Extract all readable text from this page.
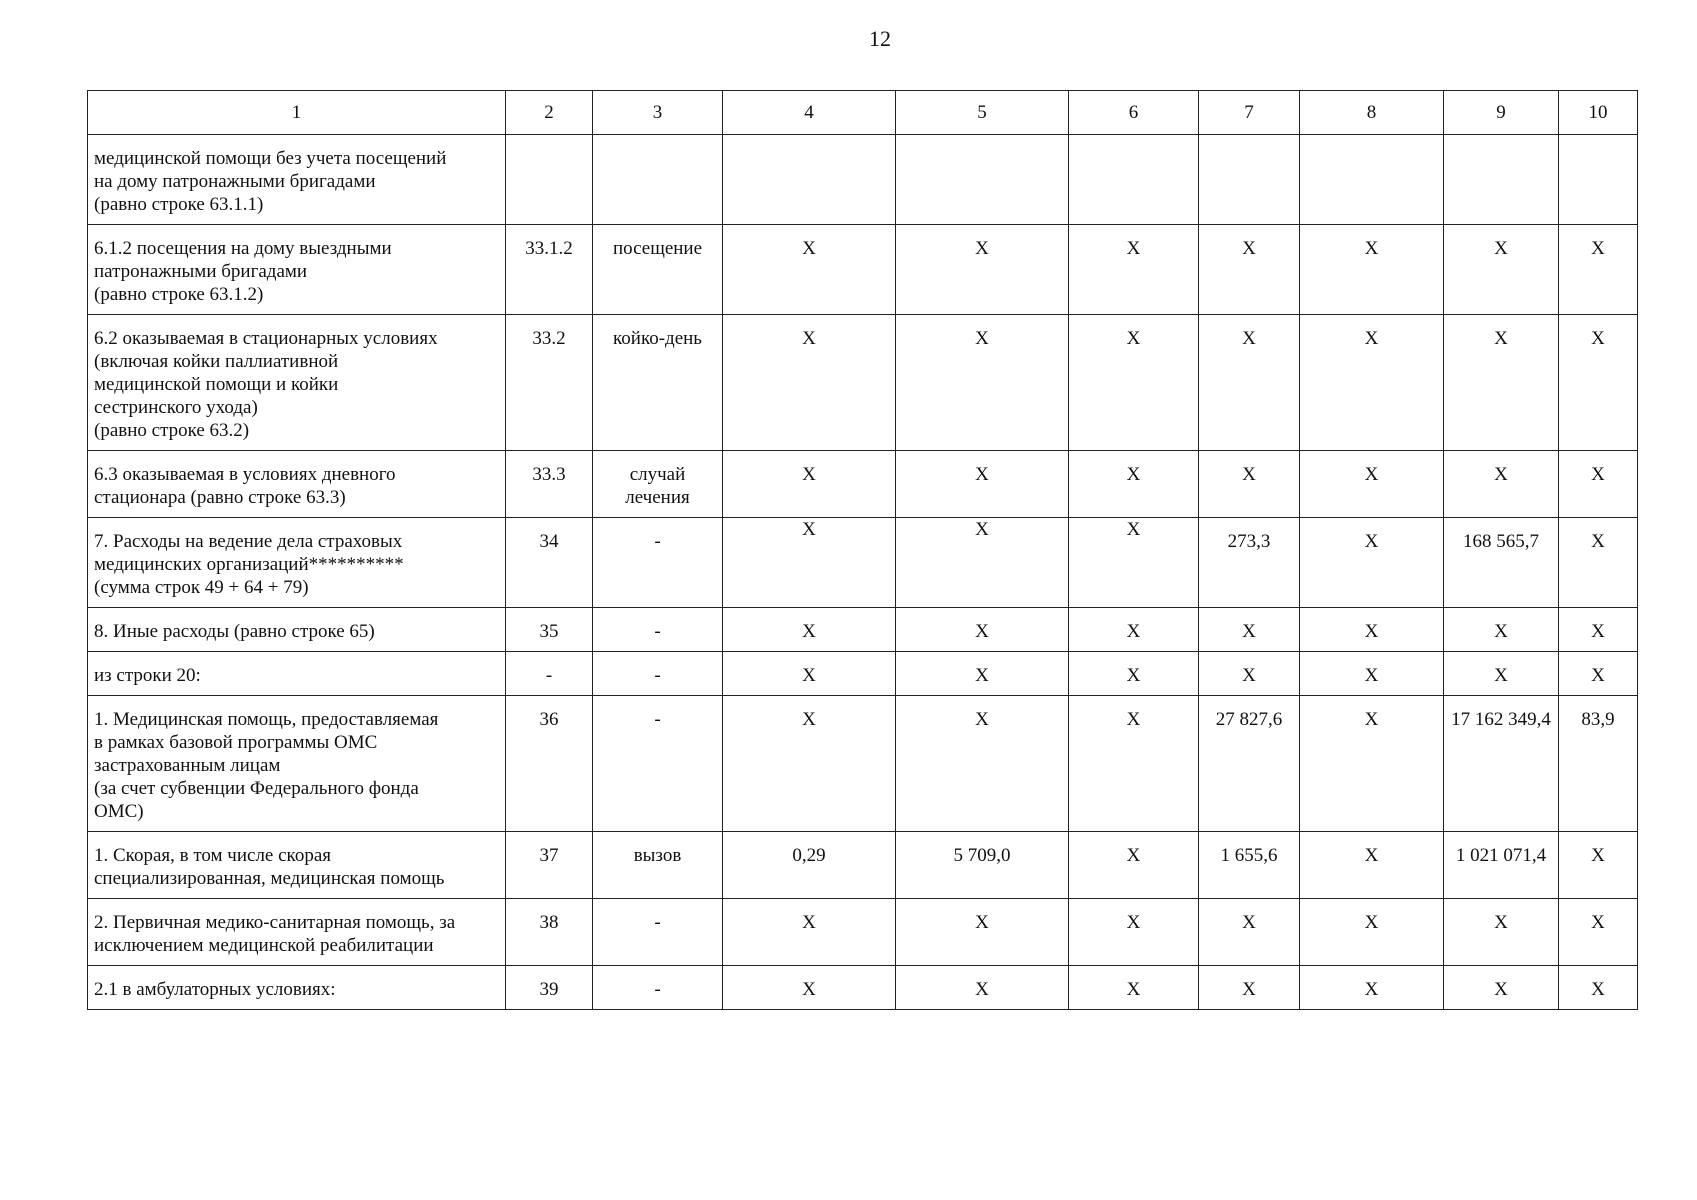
12
1	2	3	4	5	6	7	8	9	10

медицинской помощи без учета посещений
на дому патронажными бригадами
(равно строке 63.1.1)									

6.1.2 посещения на дому выездными
патронажными бригадами
(равно строке 63.1.2)	33.1.2	посещение	Х	Х	Х	Х	Х	Х	Х

6.2 оказываемая в стационарных условиях
(включая койки паллиативной
медицинской помощи и койки
сестринского ухода)
(равно строке 63.2)	33.2	койко-день	Х	Х	Х	Х	Х	Х	Х

6.3 оказываемая в условиях дневного
стационара (равно строке 63.3)	33.3	случай лечения	Х	Х	Х	Х	Х	Х	Х

7. Расходы на ведение дела страховых
медицинских организаций**********
(сумма строк 49 + 64 + 79)	34	-	Х	Х	Х	273,3	Х	168 565,7	Х

8. Иные расходы (равно строке 65)	35	-	Х	Х	Х	Х	Х	Х	Х

из строки 20:	-	-	Х	Х	Х	Х	Х	Х	Х

1. Медицинская помощь, предоставляемая
в рамках базовой программы ОМС
застрахованным лицам
(за счет субвенции Федерального фонда
ОМС)	36	-	Х	Х	Х	27 827,6	Х	17 162 349,4	83,9

1. Скорая, в том числе скорая
специализированная, медицинская помощь	37	вызов	0,29	5 709,0	Х	1 655,6	Х	1 021 071,4	Х

2. Первичная медико-санитарная помощь, за
исключением медицинской реабилитации	38	-	Х	Х	Х	Х	Х	Х	Х

2.1 в амбулаторных условиях:	39	-	Х	Х	Х	Х	Х	Х	Х
